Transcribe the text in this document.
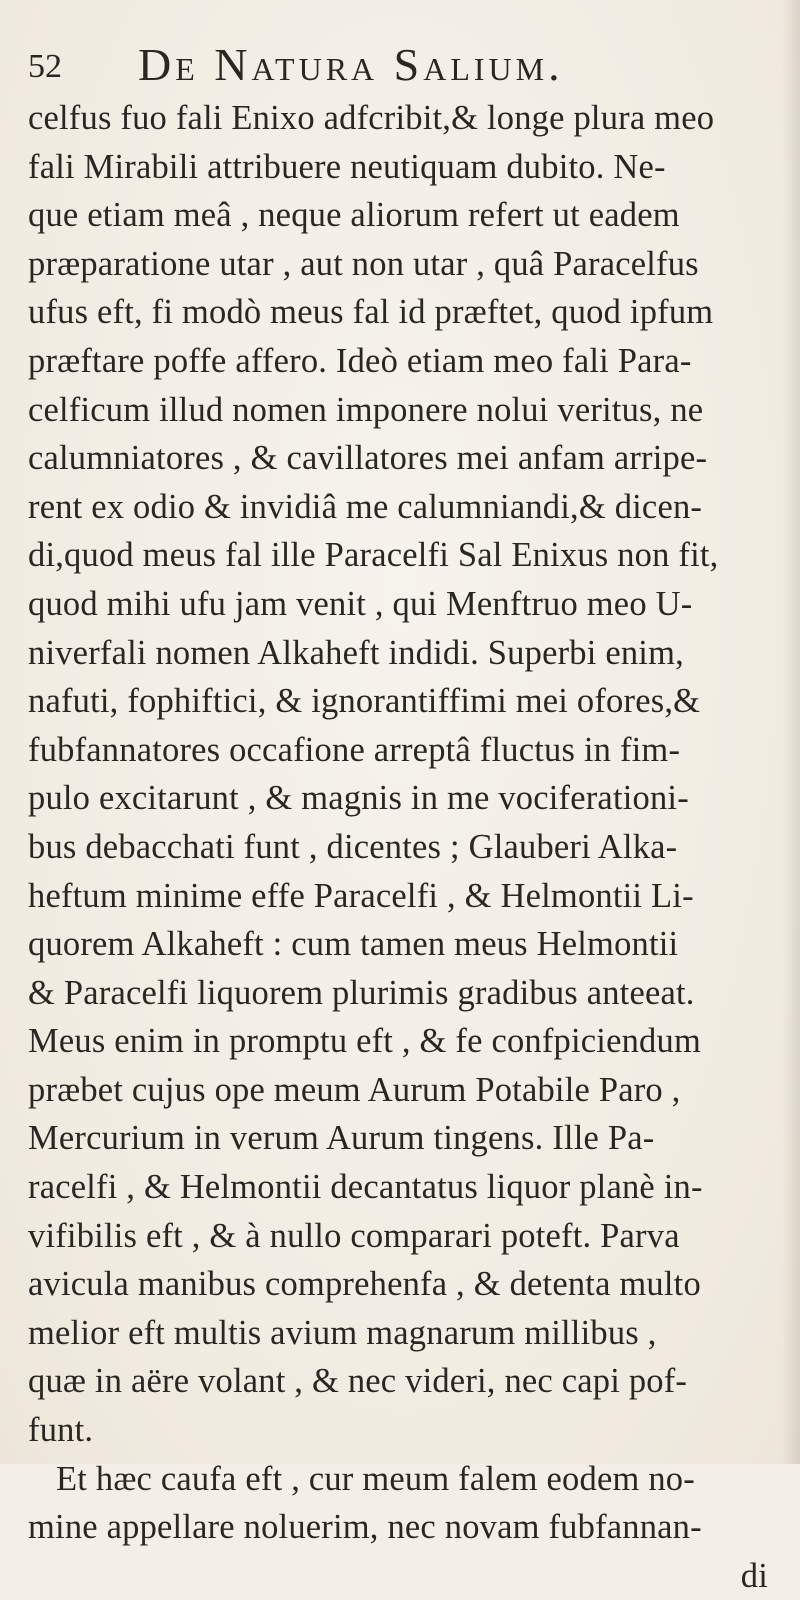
52 De Natura Salium.
celfus fuo fali Enixo adfcribit,& longe plura meo
fali Mirabili attribuere neutiquam dubito. Ne-
que etiam meâ , neque aliorum refert ut eadem
præparatione utar , aut non utar , quâ Paracelfus
ufus eft, fi modò meus fal id præftet, quod ipfum
præftare poffe affero. Ideò etiam meo fali Para-
celficum illud nomen imponere nolui veritus, ne
calumniatores , & cavillatores mei anfam arripe-
rent ex odio & invidiâ me calumniandi,& dicen-
di,quod meus fal ille Paracelfi Sal Enixus non fit,
quod mihi ufu jam venit , qui Menftruo meo U-
niverfali nomen Alkaheft indidi. Superbi enim,
nafuti, fophiftici, & ignorantiffimi mei ofores,&
fubfannatores occafione arreptâ fluctus in fim-
pulo excitarunt , & magnis in me vociferationi-
bus debacchati funt , dicentes ; Glauberi Alka-
heftum minime effe Paracelfi , & Helmontii Li-
quorem Alkaheft : cum tamen meus Helmontii
& Paracelfi liquorem plurimis gradibus anteeat.
Meus enim in promptu eft , & fe confpiciendum
præbet cujus ope meum Aurum Potabile Paro ,
Mercurium in verum Aurum tingens. Ille Pa-
racelfi , & Helmontii decantatus liquor planè in-
vifibilis eft , & à nullo comparari poteft. Parva
avicula manibus comprehenfa , & detenta multo
melior eft multis avium magnarum millibus ,
quæ in aëre volant , & nec videri, nec capi pof-
funt.
Et hæc caufa eft , cur meum falem eodem no-
mine appellare noluerim, nec novam fubfannan-
di
